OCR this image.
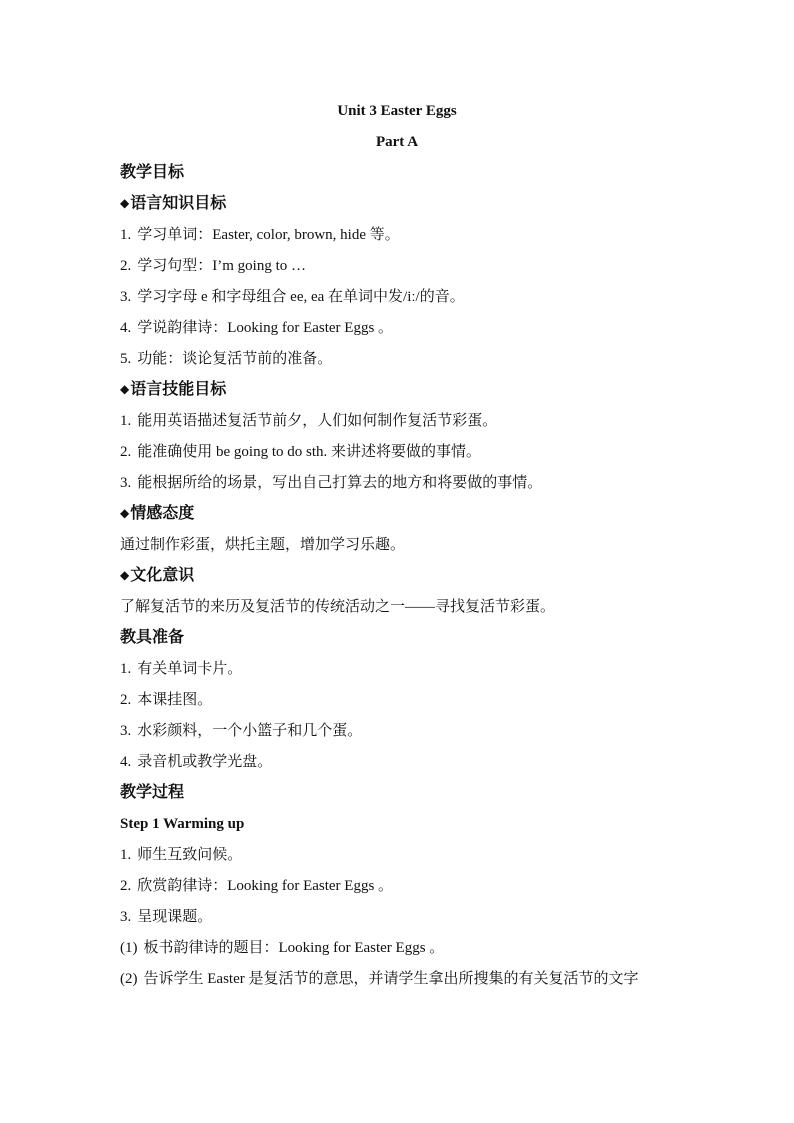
Unit 3 Easter Eggs
Part A
教学目标
◆语言知识目标
1. 学习单词：Easter, color, brown, hide 等。
2. 学习句型：I’m going to …
3. 学习字母 e 和字母组合 ee, ea 在单词中发/iː/的音。
4. 学说韵律诗：Looking for Easter Eggs 。
5. 功能：谈论复活节前的准备。
◆语言技能目标
1. 能用英语描述复活节前夕，人们如何制作复活节彩蛋。
2. 能准确使用 be going to do sth. 来讲述将要做的事情。
3. 能根据所给的场景，写出自己打算去的地方和将要做的事情。
◆情感态度
通过制作彩蛋，烘托主题，增加学习乐趣。
◆文化意识
了解复活节的来历及复活节的传统活动之一——寻找复活节彩蛋。
教具准备
1. 有关单词卡片。
2. 本课挂图。
3. 水彩颜料，一个小篮子和几个蛋。
4. 录音机或教学光盘。
教学过程
Step 1 Warming up
1. 师生互致问候。
2. 欣赏韵律诗：Looking for Easter Eggs 。
3. 呈现课题。
(1) 板书韵律诗的题目：Looking for Easter Eggs 。
(2) 告诉学生 Easter 是复活节的意思，并请学生拿出所搜集的有关复活节的文字
